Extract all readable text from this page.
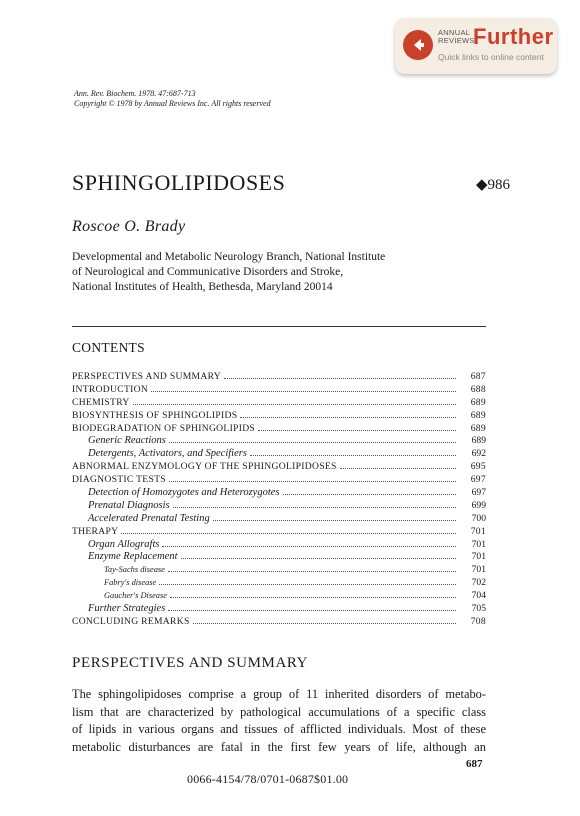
ANNUAL
REVIEWS
Further
Quick links to online content
Ann. Rev. Biochem. 1978. 47:687-713
Copyright © 1978 by Annual Reviews Inc. All rights reserved
SPHINGOLIPIDOSES	◆986
Roscoe O. Brady
Developmental and Metabolic Neurology Branch, National Institute
of Neurological and Communicative Disorders and Stroke,
National Institutes of Health, Bethesda, Maryland 20014
CONTENTS
PERSPECTIVES AND SUMMARY	687
INTRODUCTION	688
CHEMISTRY	689
BIOSYNTHESIS OF SPHINGOLIPIDS	689
BIODEGRADATION OF SPHINGOLIPIDS	689
Generic Reactions	689
Detergents, Activators, and Specifiers	692
ABNORMAL ENZYMOLOGY OF THE SPHINGOLIPIDOSES	695
DIAGNOSTIC TESTS	697
Detection of Homozygotes and Heterozygotes	697
Prenatal Diagnosis	699
Accelerated Prenatal Testing	700
THERAPY	701
Organ Allografts	701
Enzyme Replacement	701
Tay-Sachs disease	701
Fabry's disease	702
Gaucher's Disease	704
Further Strategies	705
CONCLUDING REMARKS	708
PERSPECTIVES AND SUMMARY
The sphingolipidoses comprise a group of 11 inherited disorders of metabo-
lism that are characterized by pathological accumulations of a specific class
of lipids in various organs and tissues of afflicted individuals. Most of these
metabolic disturbances are fatal in the first few years of life, although an
687
0066-4154/78/0701-0687$01.00
